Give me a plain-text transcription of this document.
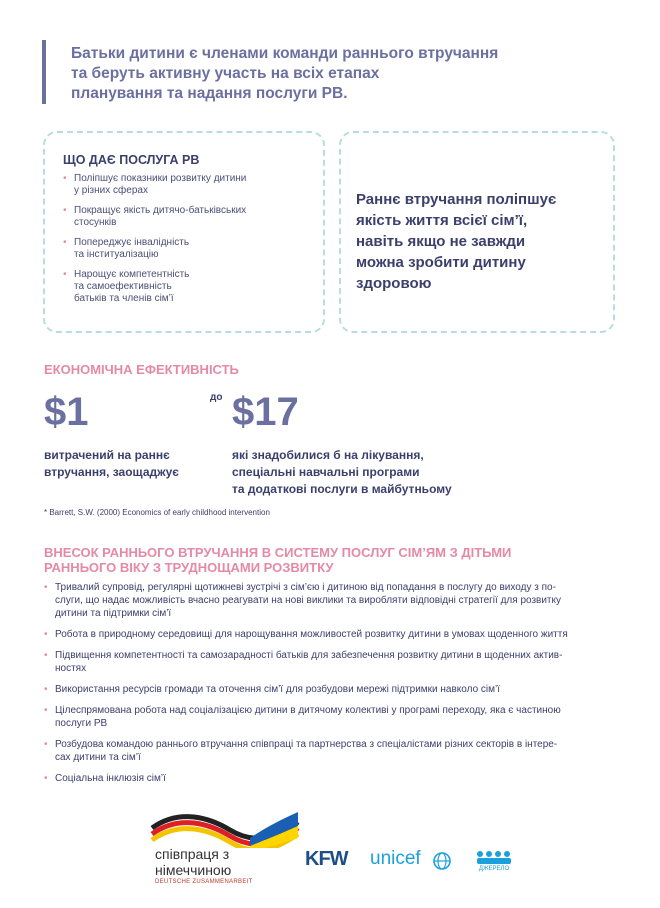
Батьки дитини є членами команди раннього втручання
та беруть активну участь на всіх етапах
планування та надання послуги РВ.
ЩО ДАЄ ПОСЛУГА РВ
• Поліпшує показники розвитку дитини
у різних сферах
• Покращує якість дитячо-батьківських
стосунків
• Попереджує інвалідність
та інституалізацію
• Нарощує компетентність
та самоефективність
батьків та членів сім’ї
Раннє втручання поліпшує
якість життя всієї сім’ї,
навіть якщо не завжди
можна зробити дитину
здоровою
ЕКОНОМІЧНА ЕФЕКТИВНІСТЬ
$1	до $17
витрачений на раннє
втручання, заощаджує
які знадобилися б на лікування,
спеціальні навчальні програми
та додаткові послуги в майбутньому
* Barrett, S.W. (2000) Economics of early childhood intervention
ВНЕСОК РАННЬОГО ВТРУЧАННЯ В СИСТЕМУ ПОСЛУГ СІМ’ЯМ З ДІТЬМИ
РАННЬОГО ВІКУ З ТРУДНОЩАМИ РОЗВИТКУ
• Тривалий супровід, регулярні щотижневі зустрічі з сім’єю і дитиною від попадання в послугу до виходу з по-
слуги, що надає можливість вчасно реагувати на нові виклики та виробляти відповідні стратегії для розвитку
дитини та підтримки сім’ї
• Робота в природному середовищі для нарощування можливостей розвитку дитини в умовах щоденного життя
• Підвищення компетентності та самозарадності батьків для забезпечення розвитку дитини в щоденних актив-
ностях
• Використання ресурсів громади та оточення сім’ї для розбудови мережі підтримки навколо сім’ї
• Цілеспрямована робота над соціалізацією дитини в дитячому колективі у програмі переходу, яка є частиною
послуги РВ
• Розбудова командою раннього втручання співпраці та партнерства з спеціалістами різних секторів в інтере-
сах дитини та сім’ї
• Соціальна інклюзія сім’ї
співпраця з
німеччиною
DEUTSCHE ZUSAMMENARBEIT
KFW unicef	ДЖЕРЕЛО
